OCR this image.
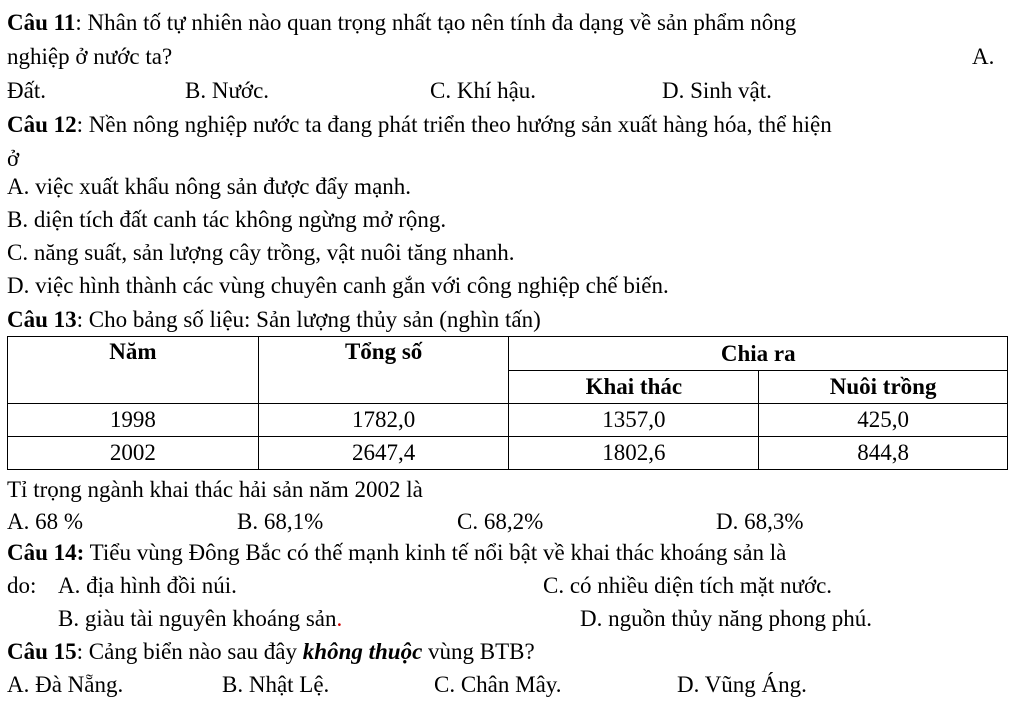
Câu 11: Nhân tố tự nhiên nào quan trọng nhất tạo nên tính đa dạng về sản phẩm nông
nghiệp ở nước ta?	A.
Đất.	B. Nước.	C. Khí hậu.	D. Sinh vật.
Câu 12: Nền nông nghiệp nước ta đang phát triển theo hướng sản xuất hàng hóa, thể hiện
ở
A. việc xuất khẩu nông sản được đẩy mạnh.
B. diện tích đất canh tác không ngừng mở rộng.
C. năng suất, sản lượng cây trồng, vật nuôi tăng nhanh.
D. việc hình thành các vùng chuyên canh gắn với công nghiệp chế biến.
Câu 13: Cho bảng số liệu: Sản lượng thủy sản (nghìn tấn)
Năm	Tổng số	Chia ra	
		Khai thác	Nuôi trồng
1998	1782,0	1357,0	425,0
2002	2647,4	1802,6	844,8
Tỉ trọng ngành khai thác hải sản năm 2002 là
A. 68 %	B. 68,1%	C. 68,2%	D. 68,3%
Câu 14: Tiểu vùng Đông Bắc có thế mạnh kinh tế nổi bật về khai thác khoáng sản là
do: A. địa hình đồi núi.	C. có nhiều diện tích mặt nước.
B. giàu tài nguyên khoáng sản.	D. nguồn thủy năng phong phú.
Câu 15: Cảng biển nào sau đây không thuộc vùng BTB?
A. Đà Nẵng.	B. Nhật Lệ.	C. Chân Mây.	D. Vũng Áng.
